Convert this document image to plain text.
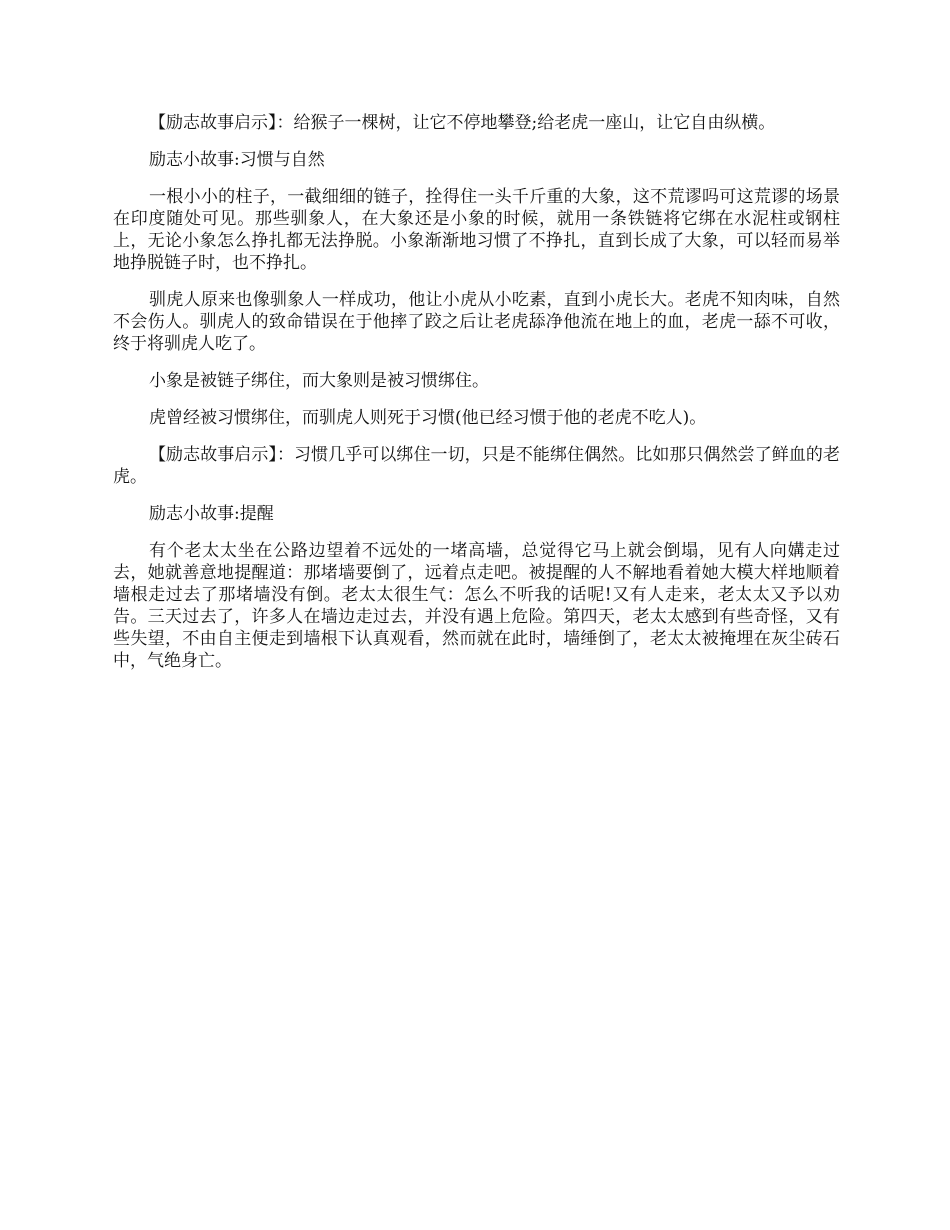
【励志故事启示】：给猴子一棵树，让它不停地攀登;给老虎一座山，让它自由纵横。

励志小故事:习惯与自然

一根小小的柱子，一截细细的链子，拴得住一头千斤重的大象，这不荒谬吗可这荒谬的场景在印度随处可见。那些驯象人，在大象还是小象的时候，就用一条铁链将它绑在水泥柱或钢柱上，无论小象怎么挣扎都无法挣脱。小象渐渐地习惯了不挣扎，直到长成了大象，可以轻而易举地挣脱链子时，也不挣扎。

驯虎人原来也像驯象人一样成功，他让小虎从小吃素，直到小虎长大。老虎不知肉味，自然不会伤人。驯虎人的致命错误在于他摔了跤之后让老虎舔净他流在地上的血，老虎一舔不可收，终于将驯虎人吃了。

小象是被链子绑住，而大象则是被习惯绑住。

虎曾经被习惯绑住，而驯虎人则死于习惯(他已经习惯于他的老虎不吃人)。

【励志故事启示】：习惯几乎可以绑住一切，只是不能绑住偶然。比如那只偶然尝了鲜血的老虎。

励志小故事:提醒

有个老太太坐在公路边望着不远处的一堵高墙，总觉得它马上就会倒塌，见有人向媾走过去，她就善意地提醒道：那堵墙要倒了，远着点走吧。被提醒的人不解地看着她大模大样地顺着墙根走过去了那堵墙没有倒。老太太很生气：怎么不听我的话呢!又有人走来，老太太又予以劝告。三天过去了，许多人在墙边走过去，并没有遇上危险。第四天，老太太感到有些奇怪，又有些失望，不由自主便走到墙根下认真观看，然而就在此时，墙缍倒了，老太太被掩埋在灰尘砖石中，气绝身亡。
